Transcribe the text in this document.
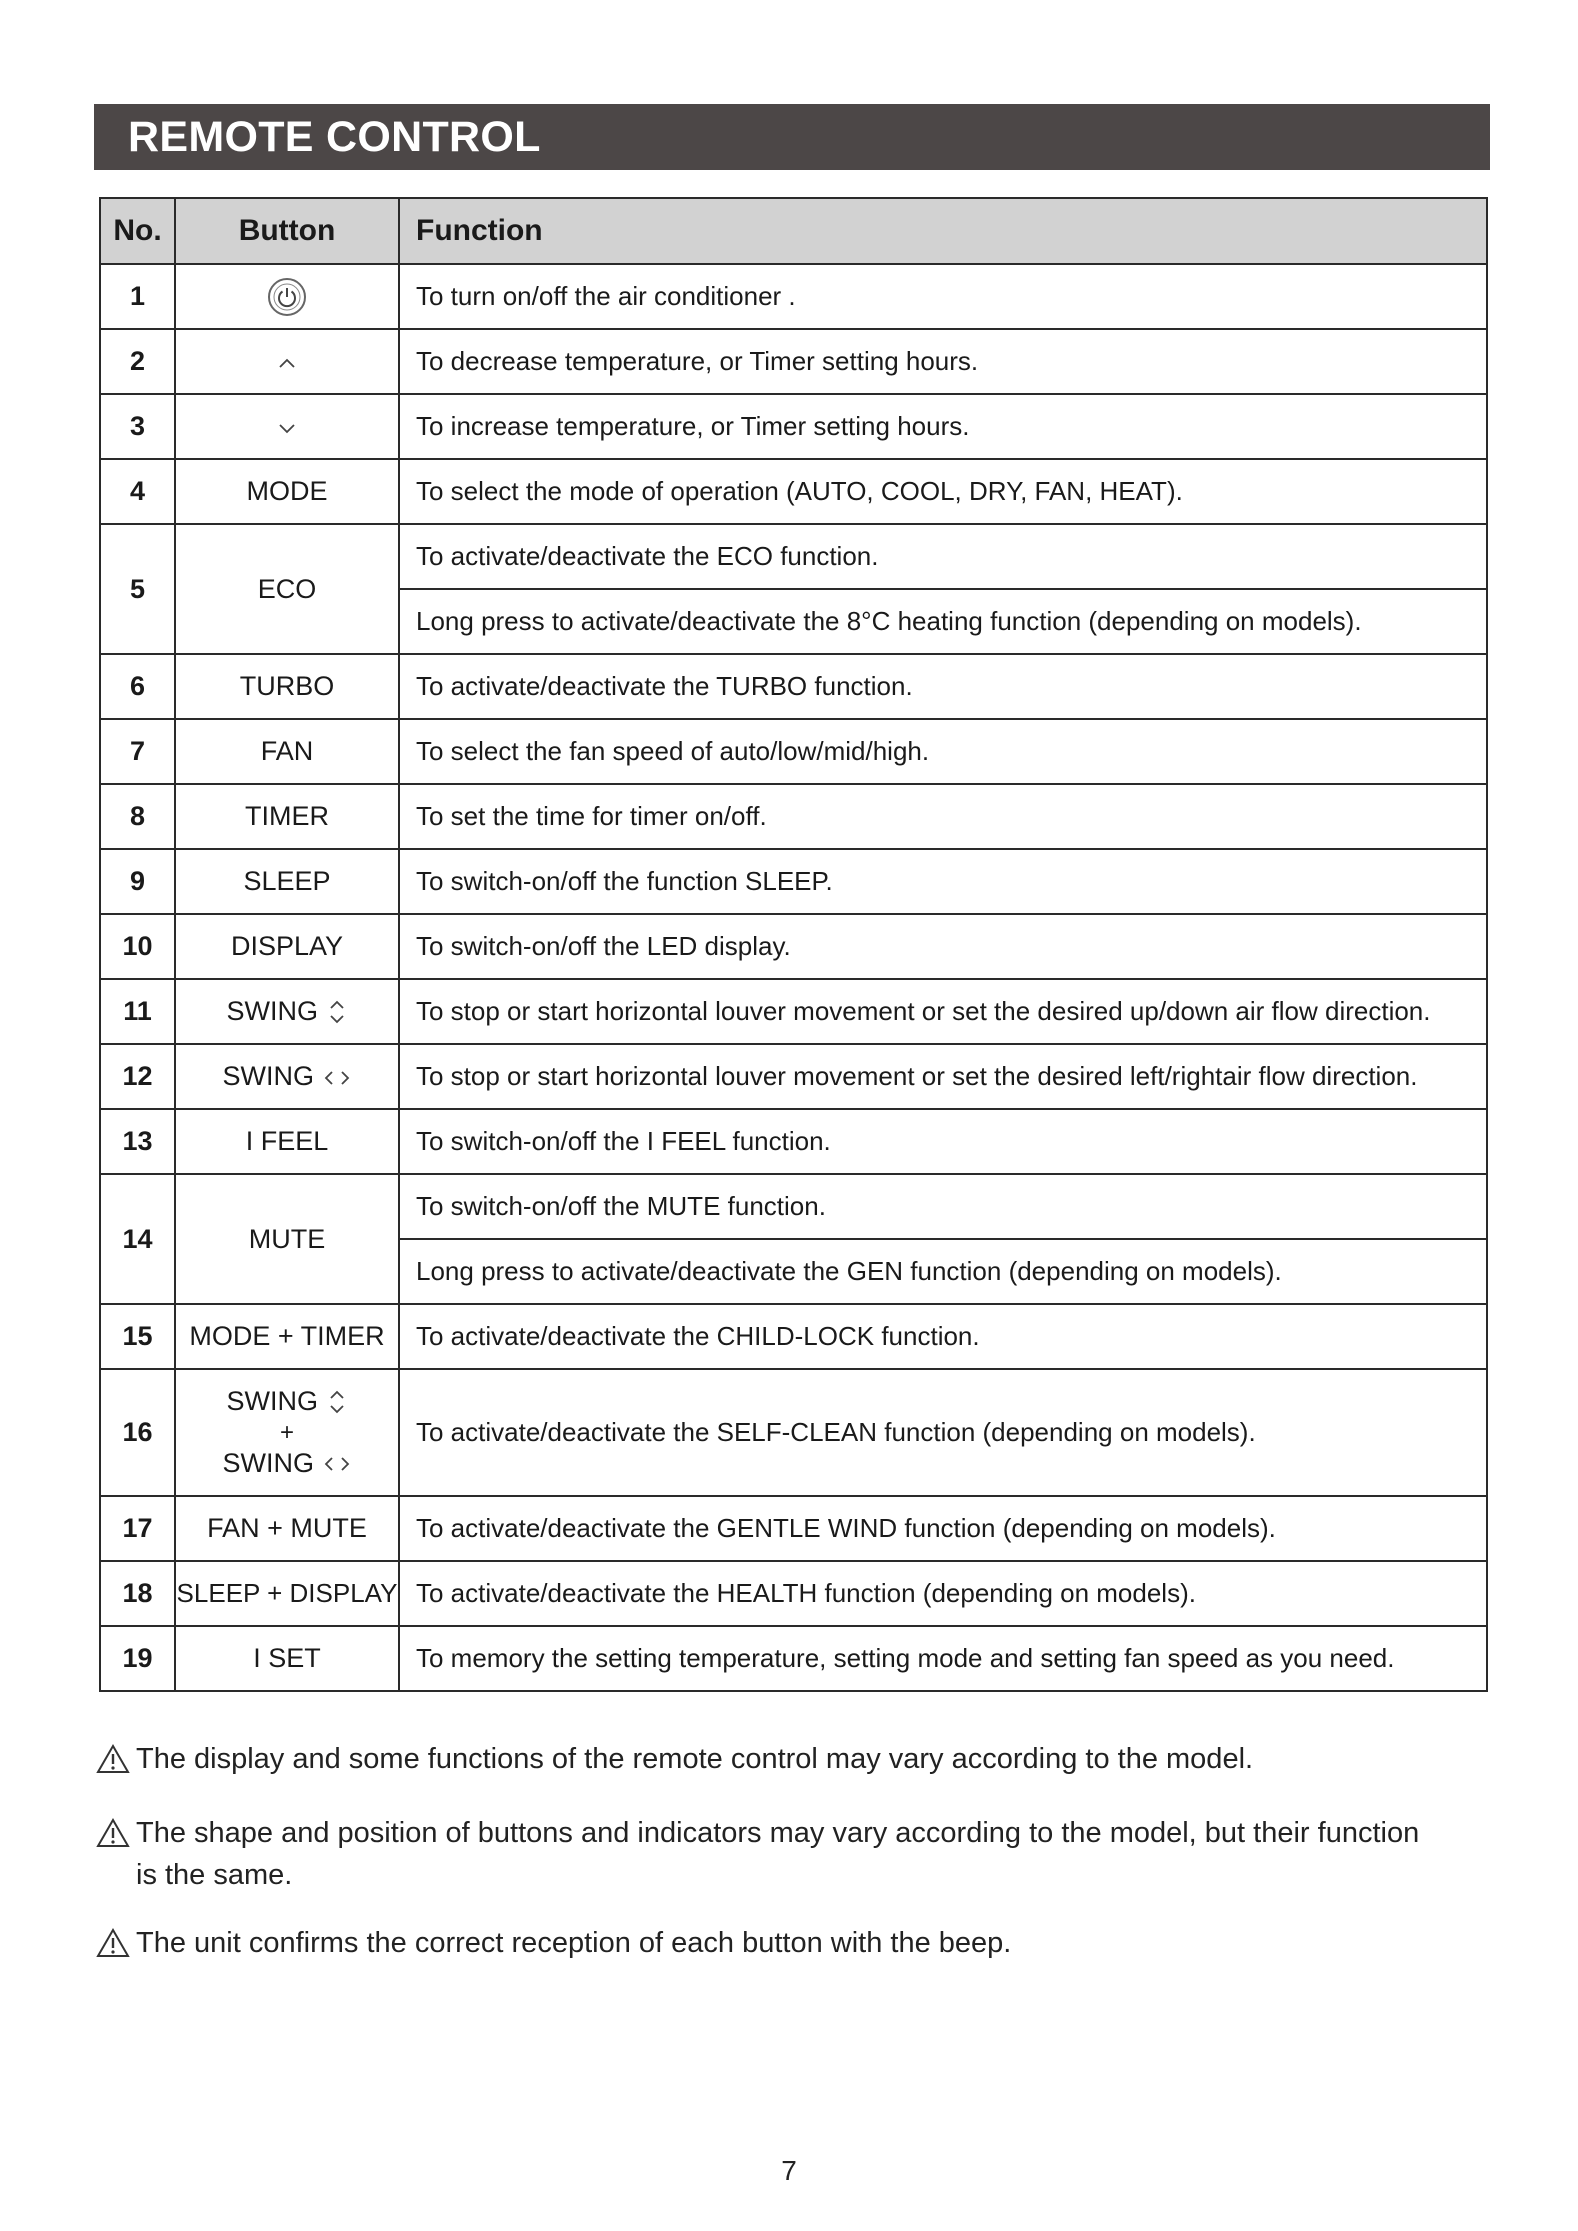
REMOTE CONTROL
No.	Button	Function
1		To turn on/off the air conditioner .
2		To decrease temperature, or Timer setting hours.
3		To increase temperature, or Timer setting hours.
4	MODE	To select the mode of operation (AUTO, COOL, DRY, FAN, HEAT).
5	ECO	To activate/deactivate the ECO function.
		Long press to activate/deactivate the 8°C heating function (depending on models).
6	TURBO	To activate/deactivate the TURBO function.
7	FAN	To select the fan speed of auto/low/mid/high.
8	TIMER	To set the time for timer on/off.
9	SLEEP	To switch-on/off the function SLEEP.
10	DISPLAY	To switch-on/off the LED display.
11	SWING	To stop or start horizontal louver movement or set the desired up/down air flow direction.
12	SWING	To stop or start horizontal louver movement or set the desired left/rightair flow direction.
13	I FEEL	To switch-on/off the I FEEL function.
14	MUTE	To switch-on/off the MUTE function.
		Long press to activate/deactivate the GEN function (depending on models).
15	MODE + TIMER	To activate/deactivate the CHILD-LOCK function.
16	SWING
+
SWING	To activate/deactivate the SELF-CLEAN function (depending on models).
17	FAN + MUTE	To activate/deactivate the GENTLE WIND function (depending on models).
18	SLEEP + DISPLAY	To activate/deactivate the HEALTH function (depending on models).
19	I SET	To memory the setting temperature, setting mode and setting fan speed as you need.
The display and some functions of the remote control may vary according to the model.
The shape and position of buttons and indicators may vary according to the model, but their function is the same.
The unit confirms the correct reception of each button with the beep.
7
